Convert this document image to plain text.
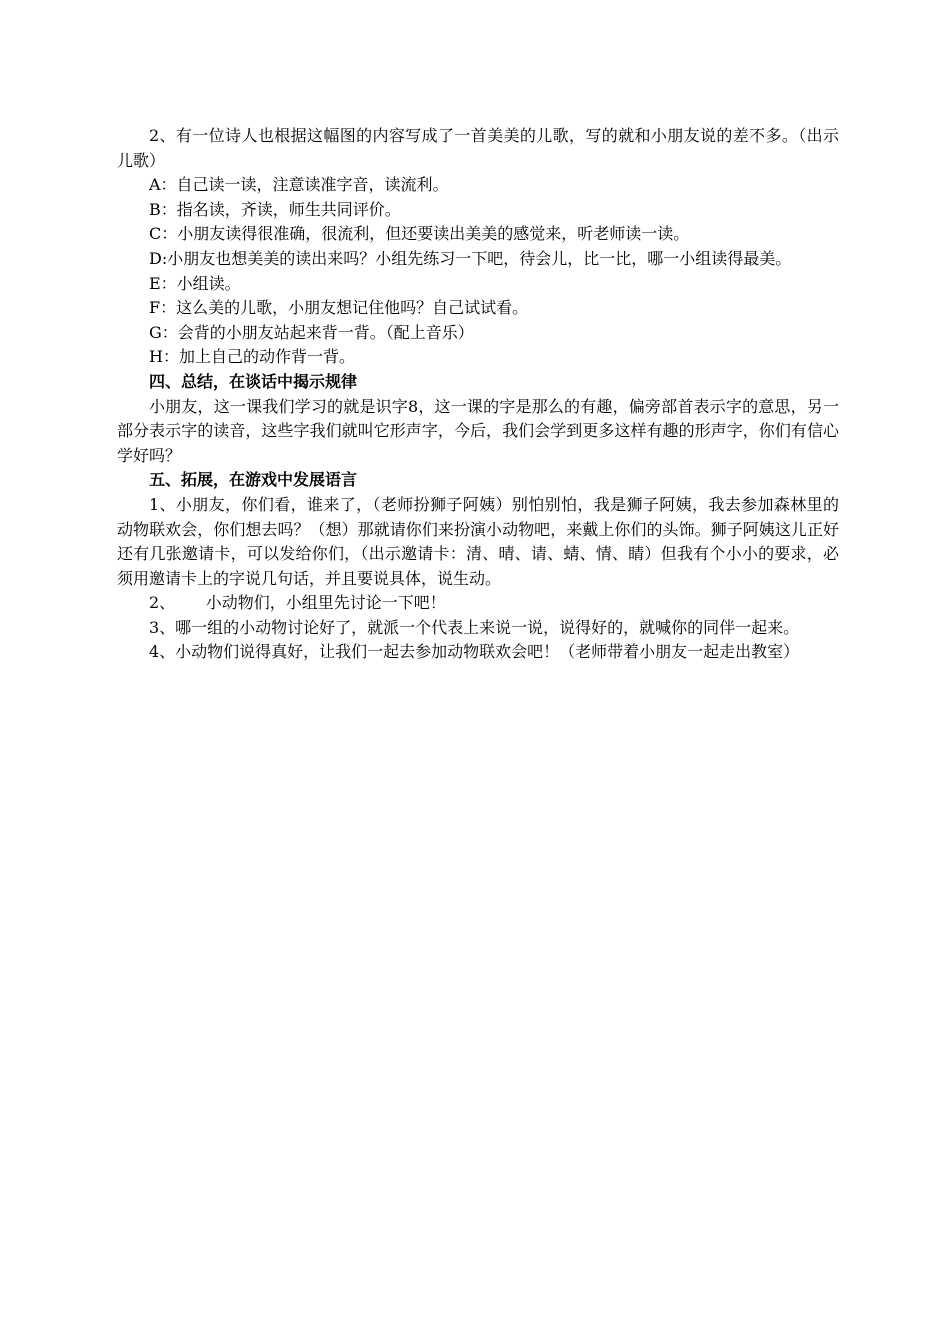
2、有一位诗人也根据这幅图的内容写成了一首美美的儿歌，写的就和小朋友说的差不多。（出示儿歌）

A：自己读一读，注意读准字音，读流利。

B：指名读，齐读，师生共同评价。

C：小朋友读得很准确，很流利，但还要读出美美的感觉来，听老师读一读。

D:小朋友也想美美的读出来吗？小组先练习一下吧，待会儿，比一比，哪一小组读得最美。

E：小组读。

F：这么美的儿歌，小朋友想记住他吗？自己试试看。

G：会背的小朋友站起来背一背。（配上音乐）

H：加上自己的动作背一背。

四、总结，在谈话中揭示规律

小朋友，这一课我们学习的就是识字8，这一课的字是那么的有趣，偏旁部首表示字的意思，另一部分表示字的读音，这些字我们就叫它形声字，今后，我们会学到更多这样有趣的形声字，你们有信心学好吗？

五、拓展，在游戏中发展语言

1、小朋友，你们看，谁来了，（老师扮狮子阿姨）别怕别怕，我是狮子阿姨，我去参加森林里的动物联欢会，你们想去吗？（想）那就请你们来扮演小动物吧，来戴上你们的头饰。狮子阿姨这儿正好还有几张邀请卡，可以发给你们，（出示邀请卡：清、晴、请、蜻、情、睛）但我有个小小的要求，必须用邀请卡上的字说几句话，并且要说具体，说生动。

2、      小动物们，小组里先讨论一下吧！

3、哪一组的小动物讨论好了，就派一个代表上来说一说，说得好的，就喊你的同伴一起来。

4、小动物们说得真好，让我们一起去参加动物联欢会吧！（老师带着小朋友一起走出教室）
